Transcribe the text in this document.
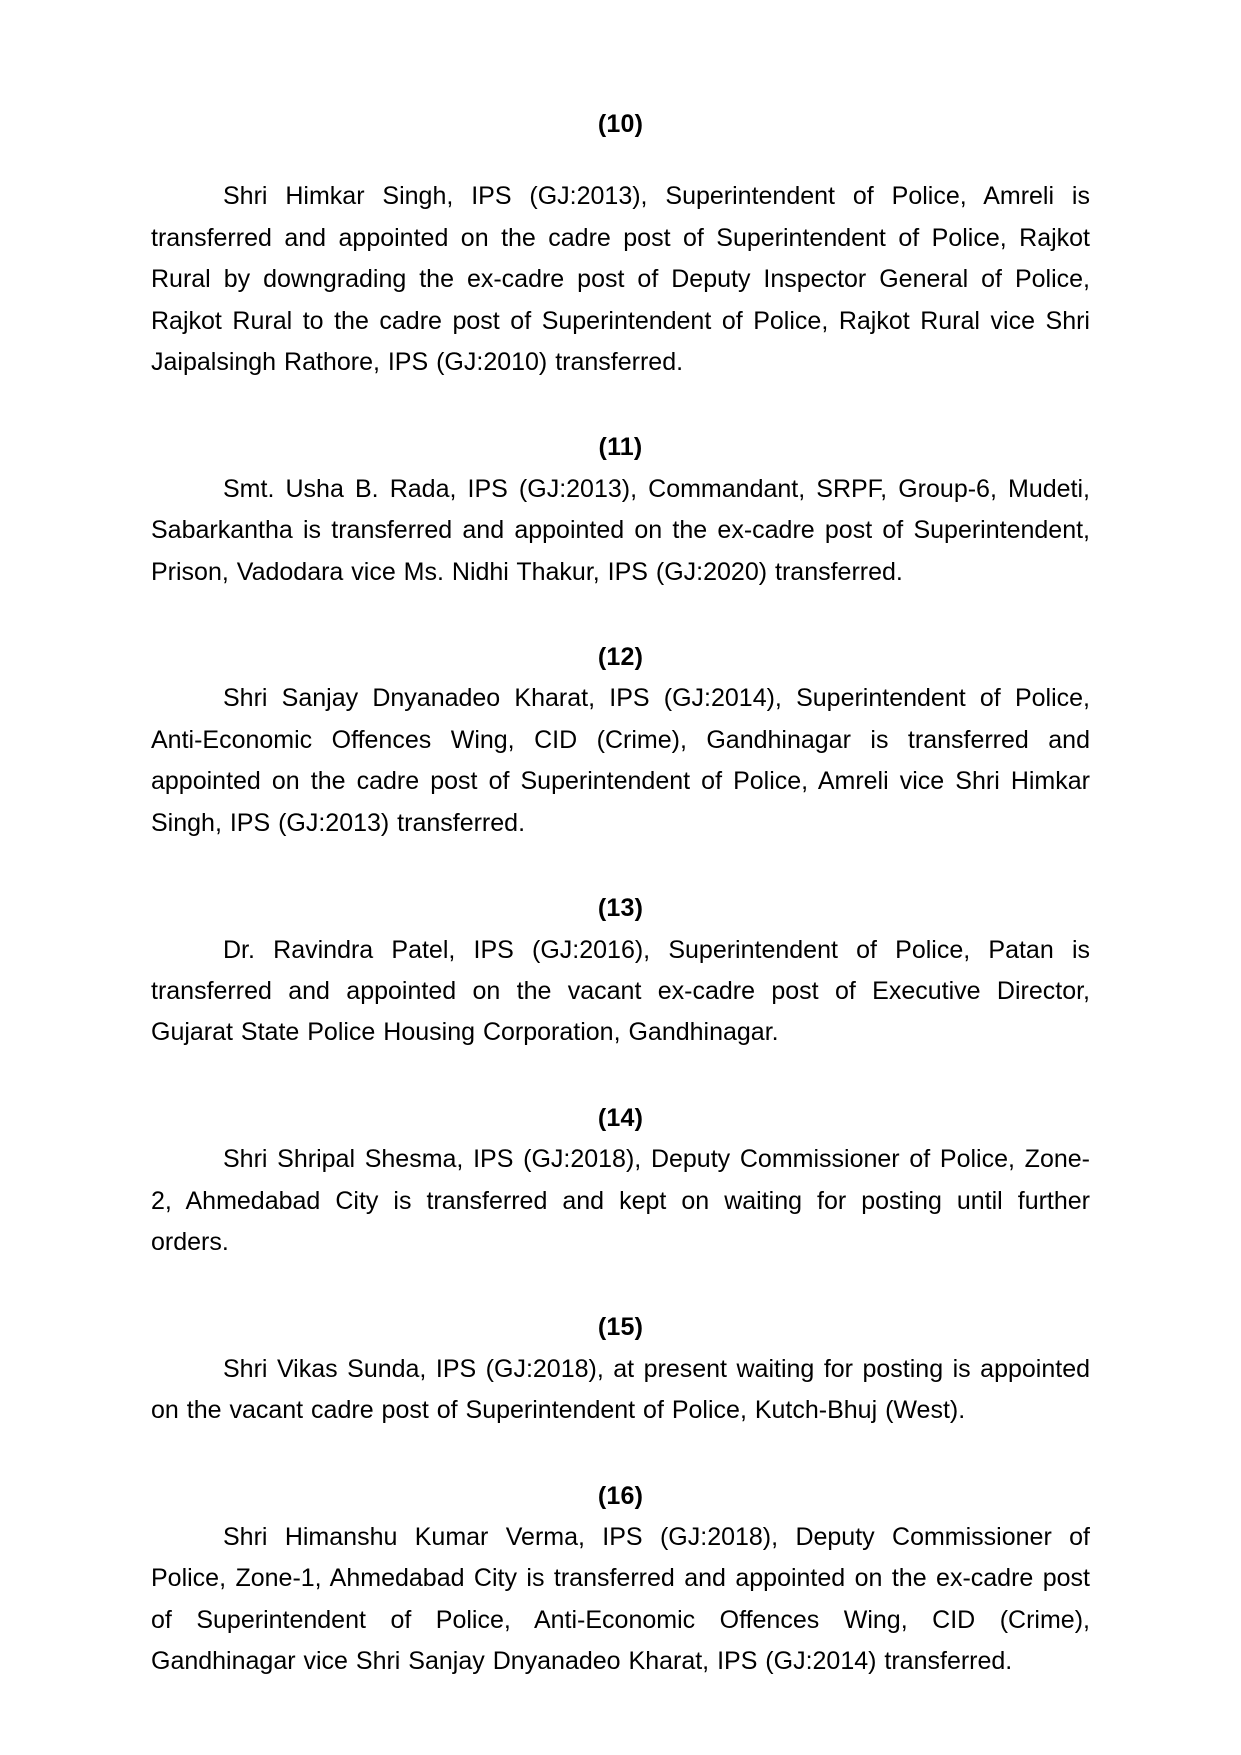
(10)

Shri Himkar Singh, IPS (GJ:2013), Superintendent of Police, Amreli is transferred and appointed on the cadre post of Superintendent of Police, Rajkot Rural by downgrading the ex-cadre post of Deputy Inspector General of Police, Rajkot Rural to the cadre post of Superintendent of Police, Rajkot Rural vice Shri Jaipalsingh Rathore, IPS (GJ:2010) transferred.

(11)

Smt. Usha B. Rada, IPS (GJ:2013), Commandant, SRPF, Group-6, Mudeti, Sabarkantha is transferred and appointed on the ex-cadre post of Superintendent, Prison, Vadodara vice Ms. Nidhi Thakur, IPS (GJ:2020) transferred.

(12)

Shri Sanjay Dnyanadeo Kharat, IPS (GJ:2014), Superintendent of Police, Anti-Economic Offences Wing, CID (Crime), Gandhinagar is transferred and appointed on the cadre post of Superintendent of Police, Amreli vice Shri Himkar Singh, IPS (GJ:2013) transferred.

(13)

Dr. Ravindra Patel, IPS (GJ:2016), Superintendent of Police, Patan is transferred and appointed on the vacant ex-cadre post of Executive Director, Gujarat State Police Housing Corporation, Gandhinagar.

(14)

Shri Shripal Shesma, IPS (GJ:2018), Deputy Commissioner of Police, Zone-2, Ahmedabad City is transferred and kept on waiting for posting until further orders.

(15)

Shri Vikas Sunda, IPS (GJ:2018), at present waiting for posting is appointed on the vacant cadre post of Superintendent of Police, Kutch-Bhuj (West).

(16)

Shri Himanshu Kumar Verma, IPS (GJ:2018), Deputy Commissioner of Police, Zone-1, Ahmedabad City is transferred and appointed on the ex-cadre post of Superintendent of Police, Anti-Economic Offences Wing, CID (Crime), Gandhinagar vice Shri Sanjay Dnyanadeo Kharat, IPS (GJ:2014) transferred.
